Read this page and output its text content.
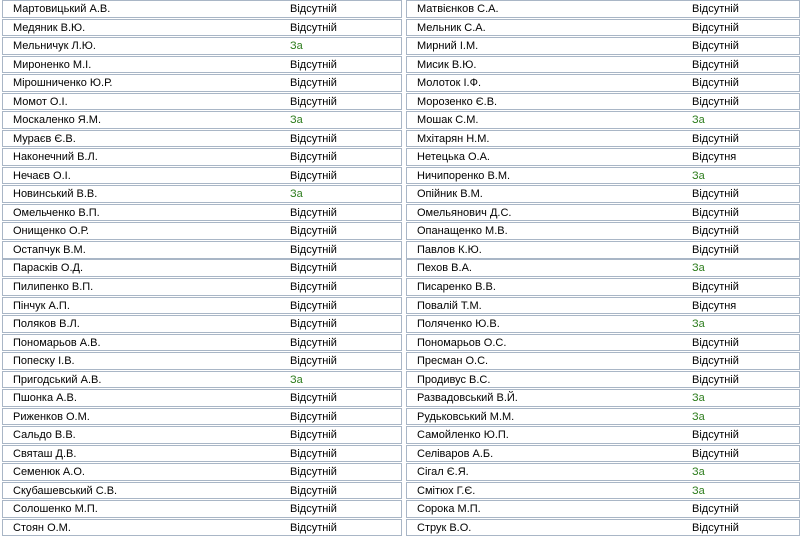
Мартовицький А.В.	Відсутній
Медяник В.Ю.	Відсутній
Мельничук Л.Ю.	За
Мироненко М.І.	Відсутній
Мірошниченко Ю.Р.	Відсутній
Момот О.І.	Відсутній
Москаленко Я.М.	За
Мураєв Є.В.	Відсутній
Наконечний В.Л.	Відсутній
Нечаєв О.І.	Відсутній
Новинський В.В.	За
Омельченко В.П.	Відсутній
Онищенко О.Р.	Відсутній
Остапчук В.М.	Відсутній
Парасків О.Д.	Відсутній
Пилипенко В.П.	Відсутній
Пінчук А.П.	Відсутній
Поляков В.Л.	Відсутній
Пономарьов А.В.	Відсутній
Попеску І.В.	Відсутній
Пригодський А.В.	За
Пшонка А.В.	Відсутній
Риженков О.М.	Відсутній
Сальдо В.В.	Відсутній
Святаш Д.В.	Відсутній
Семенюк А.О.	Відсутній
Скубашевський С.В.	Відсутній
Солошенко М.П.	Відсутній
Стоян О.М.	Відсутній
Матвієнков С.А.	Відсутній
Мельник С.А.	Відсутній
Мирний І.М.	Відсутній
Мисик В.Ю.	Відсутній
Молоток І.Ф.	Відсутній
Морозенко Є.В.	Відсутній
Мошак С.М.	За
Мхітарян Н.М.	Відсутній
Нетецька О.А.	Відсутня
Ничипоренко В.М.	За
Опійник В.М.	Відсутній
Омельянович Д.С.	Відсутній
Опанащенко М.В.	Відсутній
Павлов К.Ю.	Відсутній
Пехов В.А.	За
Писаренко В.В.	Відсутній
Повалій Т.М.	Відсутня
Поляченко Ю.В.	За
Пономарьов О.С.	Відсутній
Пресман О.С.	Відсутній
Продивус В.С.	Відсутній
Развадовський В.Й.	За
Рудьковський М.М.	За
Самойленко Ю.П.	Відсутній
Селіваров А.Б.	Відсутній
Сігал Є.Я.	За
Смітюх Г.Є.	За
Сорока М.П.	Відсутній
Струк В.О.	Відсутній
